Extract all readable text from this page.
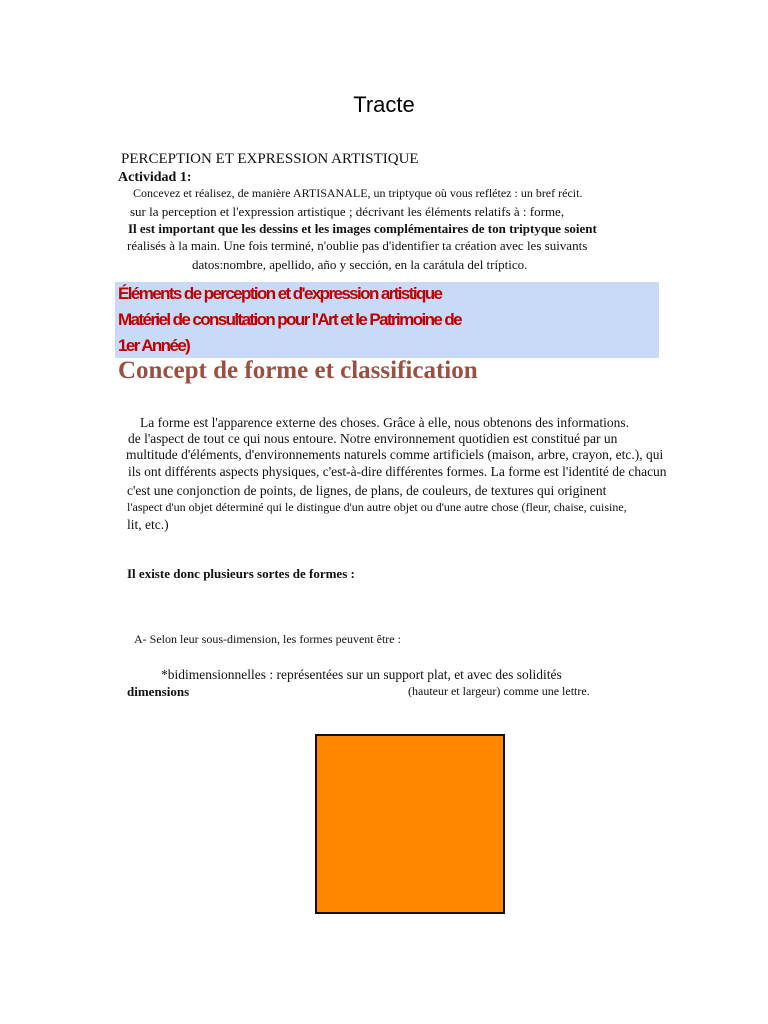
Tracte
PERCEPTION ET EXPRESSION ARTISTIQUE
Actividad 1:
Concevez et réalisez, de manière ARTISANALE, un triptyque où vous reflétez : un bref récit.
sur la perception et l'expression artistique ; décrivant les éléments relatifs à : forme,
Il est important que les dessins et les images complémentaires de ton triptyque soient
réalisés à la main. Une fois terminé, n'oublie pas d'identifier ta création avec les suivants
datos:nombre, apellido, año y sección, en la carátula del tríptico.
Éléments de perception et d'expression artistique
Matériel de consultation pour l'Art et le Patrimoine de
1er Année)
Concept de forme et classification
La forme est l'apparence externe des choses. Grâce à elle, nous obtenons des informations.
de l'aspect de tout ce qui nous entoure. Notre environnement quotidien est constitué par un
multitude d'éléments, d'environnements naturels comme artificiels (maison, arbre, crayon, etc.), qui
ils ont différents aspects physiques, c'est-à-dire différentes formes. La forme est l'identité de chacun
c'est une conjonction de points, de lignes, de plans, de couleurs, de textures qui originent
l'aspect d'un objet déterminé qui le distingue d'un autre objet ou d'une autre chose (fleur, chaise, cuisine,
lit, etc.)
Il existe donc plusieurs sortes de formes :
A- Selon leur sous-dimension, les formes peuvent être :
*bidimensionnelles : représentées sur un support plat, et avec des solidités
dimensions	(hauteur et largeur) comme une lettre.
